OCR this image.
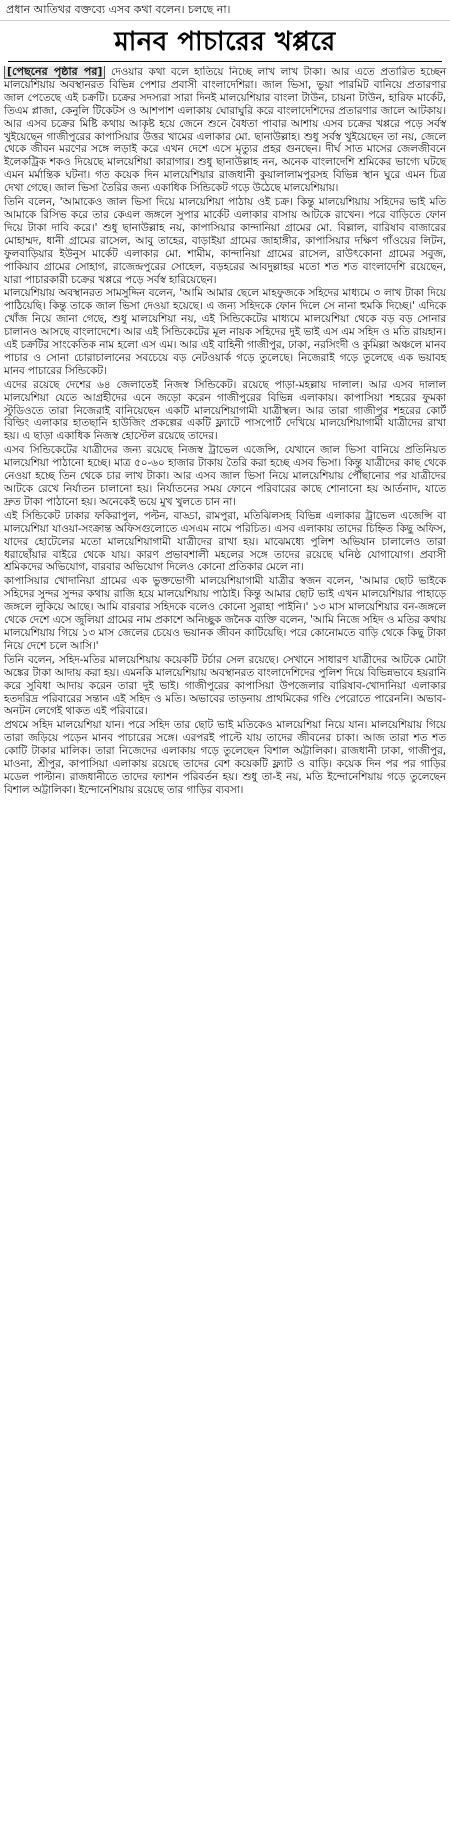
প্রধান আতিথর বক্তব্যে এসব কথা বলেন। চলছে না।
মানব পাচারের খপ্পরে

[পেছনের পৃষ্ঠার পর] দেওয়ার কথা বলে হাতিয়ে নিচ্ছে লাখ লাখ টাকা। আর এতে প্রতারিত হচ্ছেন মালয়েশিয়ায় অবস্থানরত বিভিন্ন পেশার প্রবাসী বাংলাদেশিরা। জাল ভিসা, ভুয়া পারমিট বানিয়ে প্রতারণার জাল পেতেছে এই চক্রটি। চক্রের সদস্যরা সারা দিনই মালয়েশিয়ার বাংলা টাউন, চায়না টাউন, হারিফ মার্কেট, তিএম প্লাজা, কেনুলি টিকেটস ও আশপাশ এলাকায় ঘোরাঘুরি করে বাংলাদেশিদের প্রতারণার জালে আটকায়। আর এসব চক্রের মিষ্টি কথায় আকৃষ্ট হয়ে জেনে শুনে বৈধতা পাবার আশায় এসব চক্রের খপ্পরে পড়ে সর্বস্ব খুইয়েছেন গাজীপুরের কাপাসিয়ার উত্তর খামের এলাকার মো. ছানাউল্লাহ। শুধু সর্বস্ব খুইয়েছেন তা নয়, জেলে থেকে জীবন মরণের সঙ্গে লড়াই করে এখন দেশে এসে মৃত্যুর প্রহর গুনছেন। দীর্ঘ সাত মাসের জেলজীবনে ইলেকট্রিক শকও দিয়েছে মালয়েশিয়া কারাগার। শুধু ছানাউল্লাহ নন, অনেক বাংলাদেশি শ্রমিকের ভাগ্যে ঘটছে এমন মর্মান্তিক ঘটনা। গত কয়েক দিন মালয়েশিয়ার রাজধানী কুয়ালালামপুরসহ বিভিন্ন স্থান ঘুরে এমন চিত্র দেখা গেছে। জাল ভিসা তৈরির জন্য একাধিক সিন্ডিকেট গড়ে উঠেছে মালয়েশিয়ায়।

তিনি বলেন, 'আমাকেও জাল ভিসা দিয়ে মালয়েশিয়া পাঠায় ওই চক্র। কিন্তু মালয়েশিয়ায় সহিদের ভাই মতি আমাকে রিসিভ করে তার কেএল জঙ্গলে সুপার মার্কেট এলাকার বাসায় আটকে রাখেন। পরে বাড়িতে ফোন দিয়ে টাকা দাবি করে।' শুধু ছানাউল্লাহ নয়, কাপাসিয়ার কান্দানিয়া গ্রামের মো. বিল্লাল, বারিষাব বাজারের মোহাম্মদ, ধানী গ্রামের রাসেল, আবু তাহের, বাড়াইয়া গ্রামের জাহাঙ্গীর, কাপাসিয়ার দক্ষিণ গাঁওয়ের লিটন, ফুলবাড়িয়ার ইউনুস মার্কেট এলাকার মো. শামীম, কান্দানিয়া গ্রামের রাসেল, রাউৎকোনা গ্রামের সবুজ, পাকিয়াব গ্রামের সোহাগ, রাজেন্দ্রপুরের সোহেল, বড়হরের আবদুল্লাহর মতো শত শত বাংলাদেশি রয়েছেন, যারা পাচারকারী চক্রের খপ্পরে পড়ে সর্বস্ব হারিয়েছেন।

মালয়েশিয়ায় অবস্থানরত সামসুদ্দিন বলেন, 'আমি আমার ছেলে মাহফুজকে সহিদের মাধ্যমে ৩ লাখ টাকা দিয়ে পাঠিয়েছি। কিন্তু তাকে জাল ভিসা দেওয়া হয়েছে। এ জন্য সহিদকে ফোন দিলে সে নানা হুমকি দিচ্ছে।' এদিকে খোঁজ নিয়ে জানা গেছে, শুধু মালয়েশিয়া নয়, এই সিন্ডিকেটের মাধ্যমে মালয়েশিয়া থেকে বড় বড় সোনার চালানও আসছে বাংলাদেশে। আর এই সিন্ডিকেটের মূল নায়ক সহিদের দুই ভাই এস এম সহিদ ও মতি রায়হান। এই চক্রটির সাংকেতিক নাম হলো এস এম। আর এই বাহিনী গাজীপুর, ঢাকা, নরসিংদী ও কুমিল্লা অঞ্চলে মানব পাচার ও সোনা চোরাচালানের সবচেয়ে বড় নেটওয়ার্ক গড়ে তুলেছে। নিজেরাই গড়ে তুলেছে এক ভয়াবহ মানব পাচারের সিন্ডিকেট।

এদের রয়েছে দেশের ৬৪ জেলাতেই নিজস্ব সিন্ডিকেট। রয়েছে পাড়া-মহল্লায় দালাল। আর এসব দালাল মালয়েশিয়া যেতে আগ্রহীদের এনে জড়ো করেন গাজীপুরের বিভিন্ন এলাকায়। কাপাসিয়া শহরের ফুমকা স্টুডিওতে তারা নিজেরাই বানিয়েছেন একটি মালয়েশিয়াগামী যাত্রীস্থল। আর তারা গাজীপুর শহরের কোর্ট বিল্ডিং এলাকার হাতছানি হাউজিং প্রকল্পের একটি ফ্ল্যাটে পাসপোর্ট দেখিয়ে মালয়েশিয়াগামী যাত্রীদের রাখা হয়। এ ছাড়া একাধিক নিজস্ব হোস্টেল রয়েছে তাদের।

এসব সিন্ডিকেটের যাত্রীদের জন্য রয়েছে নিজস্ব ট্রাভেল এজেন্সি, যেখানে জাল ভিসা বানিয়ে প্রতিনিয়ত মালয়েশিয়া পাঠানো হচ্ছে। মাত্র ৫০-৬০ হাজার টাকায় তৈরি করা হচ্ছে এসব ভিসা। কিন্তু যাত্রীদের কাছ থেকে নেওয়া হচ্ছে তিন থেকে চার লাখ টাকা। আর এসব জাল ভিসা নিয়ে মালয়েশিয়ায় পৌঁছানোর পর যাত্রীদের আটকে রেখে নির্যাতন চালানো হয়। নির্যাতনের সময় ফোনে পরিবারের কাছে শোনানো হয় আর্তনাদ, যাতে দ্রুত টাকা পাঠানো হয়। অনেকেই ভয়ে মুখ খুলতে চান না।

এই সিন্ডিকেট ঢাকার ফকিরাপুল, পল্টন, বাড্ডা, রামপুরা, মতিঝিলসহ বিভিন্ন এলাকার ট্রাভেল এজেন্সি বা মালয়েশিয়া যাওয়া-সংক্রান্ত অফিসগুলোতে এসএম নামে পরিচিত। এসব এলাকায় তাদের চিহ্নিত কিছু অফিস, যাদের হোটেলের মতো মালয়েশিয়াগামী যাত্রীদের রাখা হয়। মাঝেমধ্যে পুলিশ অভিযান চালালেও তারা ধরাছোঁয়ার বাইরে থেকে যায়। কারণ প্রভাবশালী মহলের সঙ্গে তাদের রয়েছে ঘনিষ্ঠ যোগাযোগ। প্রবাসী শ্রমিকদের অভিযোগ, বারবার অভিযোগ দিলেও কোনো প্রতিকার মেলে না।

কাপাসিয়ার খোদানিয়া গ্রামের এক ভুক্তভোগী মালয়েশিয়াগামী যাত্রীর স্বজন বলেন, 'আমার ছোট ভাইকে সহিদের সুন্দর সুন্দর কথায় রাজি হয়ে মালয়েশিয়ায় পাঠাই। কিন্তু আমার ছোট ভাই এখন মালয়েশিয়ার পাহাড়ে জঙ্গলে লুকিয়ে আছে। আমি বারবার সহিদকে বলেও কোনো সুরাহা পাইনি।' ১৩ মাস মালয়েশিয়ার বন-জঙ্গলে থেকে দেশে এসে জুলিয়া গ্রামের নাম প্রকাশে অনিচ্ছুক জনৈক ব্যক্তি বলেন, 'আমি নিজে সহিদ ও মতির কথায় মালয়েশিয়ায় গিয়ে ১৩ মাস জেলের চেয়েও ভয়ানক জীবন কাটিয়েছি। পরে কোনোমতে বাড়ি থেকে কিছু টাকা নিয়ে দেশে চলে আসি।'

তিনি বলেন, সহিদ-মতির মালয়েশিয়ায় কয়েকটি টর্চার সেল রয়েছে। সেখানে সাধারণ যাত্রীদের আটকে মোটা অঙ্কের টাকা আদায় করা হয়। এমনকি মালয়েশিয়ায় অবস্থানরত বাংলাদেশিদের পুলিশ দিয়ে বিভিন্নভাবে হয়রানি করে সুবিধা আদায় করেন তারা দুই ভাই। গাজীপুরের কাপাসিয়া উপজেলার বারিষাব-খোদানিয়া এলাকার হতদরিদ্র পরিবারের সন্তান এই সহিদ ও মতি। অভাবের তাড়নায় প্রাথমিকের গণ্ডি পেরোতে পারেননি। অভাব-অনটন লেগেই থাকত এই পরিবারে।

প্রথমে সহিদ মালয়েশিয়া যান। পরে সহিদ তার ছোট ভাই মতিকেও মালয়েশিয়া নিয়ে যান। মালয়েশিয়ায় গিয়ে তারা জড়িয়ে পড়েন মানব পাচারের সঙ্গে। এরপরই পাল্টে যায় তাদের জীবনের চাকা। আজ তারা শত শত কোটি টাকার মালিক। তারা নিজেদের এলাকায় গড়ে তুলেছেন বিশাল অট্টালিকা। রাজধানী ঢাকা, গাজীপুর, মাওনা, শ্রীপুর, কাপাসিয়া এলাকায় রয়েছে তাদের বেশ কয়েকটি ফ্ল্যাট ও বাড়ি। কয়েক দিন পর পর গাড়ির মডেল পাল্টান। রাজধানীতে তাদের ফ্যাশন পরিবর্তন হয়। শুধু তা-ই নয়, মতি ইন্দোনেশিয়ায় গড়ে তুলেছেন বিশাল অট্টালিকা। ইন্দোনেশিয়ায় রয়েছে তার গাড়ির ব্যবসা।
